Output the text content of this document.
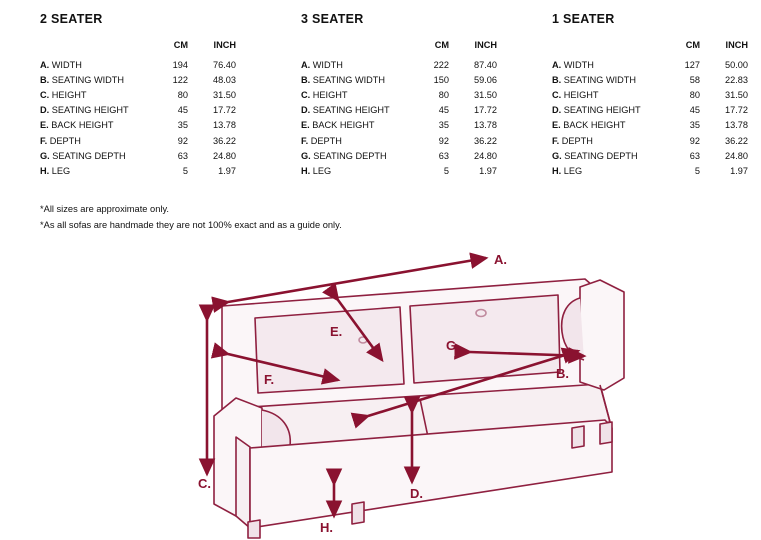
2 SEATER
	CM	INCH
A. WIDTH	194	76.40
B. SEATING WIDTH	122	48.03
C. HEIGHT	80	31.50
D. SEATING HEIGHT	45	17.72
E. BACK HEIGHT	35	13.78
F. DEPTH	92	36.22
G. SEATING DEPTH	63	24.80
H. LEG	5	1.97
3 SEATER
	CM	INCH
A. WIDTH	222	87.40
B. SEATING WIDTH	150	59.06
C. HEIGHT	80	31.50
D. SEATING HEIGHT	45	17.72
E. BACK HEIGHT	35	13.78
F. DEPTH	92	36.22
G. SEATING DEPTH	63	24.80
H. LEG	5	1.97
1 SEATER
	CM	INCH
A. WIDTH	127	50.00
B. SEATING WIDTH	58	22.83
C. HEIGHT	80	31.50
D. SEATING HEIGHT	45	17.72
E. BACK HEIGHT	35	13.78
F. DEPTH	92	36.22
G. SEATING DEPTH	63	24.80
H. LEG	5	1.97
*All sizes are approximate only.
*As all sofas are handmade they are not 100% exact and as a guide only.
A.
B.
C.
D.
E.
F.
G.
H.
